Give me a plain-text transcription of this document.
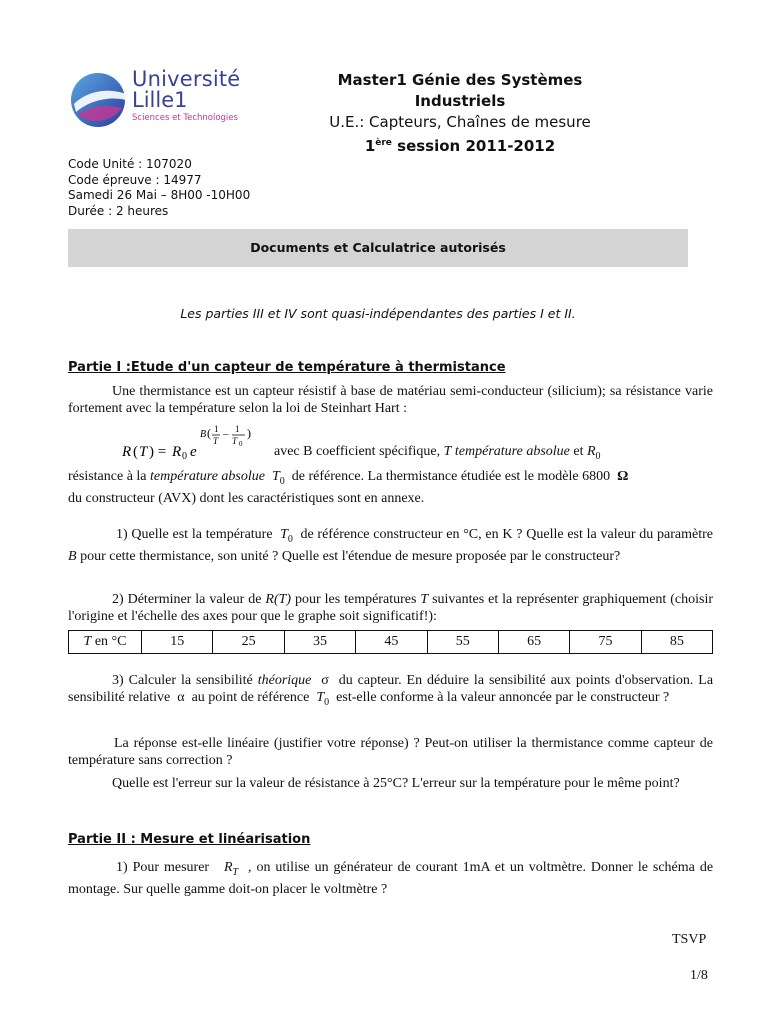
Université
Lille1
Sciences et Technologies
Master1 Génie des Systèmes Industriels
U.E.: Capteurs, Chaînes de mesure
1ère session 2011-2012
Code Unité : 107020
Code épreuve : 14977
Samedi 26 Mai – 8H00 -10H00
Durée : 2 heures
Documents et Calculatrice autorisés
Les parties III et IV sont quasi-indépendantes des parties I et II.
Partie I :Etude d'un capteur de température à thermistance
Une thermistance est un capteur résistif à base de matériau semi-conducteur (silicium); sa résistance varie fortement avec la température selon la loi de Steinhart Hart :
R ( T ) = R 0 e
B ( 1
T
– 1
T 0
)
avec B coefficient spécifique, T température absolue et $R_0$
résistance à la température absolue $T_0$ de référence. La thermistance étudiée est le modèle 6800 Ω
du constructeur (AVX) dont les caractéristiques sont en annexe.
1) Quelle est la température $T_0$ de référence constructeur en °C, en K ? Quelle est la valeur du paramètre B pour cette thermistance, son unité ? Quelle est l'étendue de mesure proposée par le constructeur?
2) Déterminer la valeur de R(T) pour les températures T suivantes et la représenter graphiquement (choisir l'origine et l'échelle des axes pour que le graphe soit significatif!):
T en °C	15	25	35	45	55	65	75	85
3) Calculer la sensibilité théorique σ du capteur. En déduire la sensibilité aux points d'observation. La sensibilité relative α au point de référence $T_0$ est-elle conforme à la valeur annoncée par le constructeur ?
La réponse est-elle linéaire (justifier votre réponse) ? Peut-on utiliser la thermistance comme capteur de température sans correction ?
Quelle est l'erreur sur la valeur de résistance à 25°C? L'erreur sur la température pour le même point?
Partie II : Mesure et linéarisation
1) Pour mesurer $R_T$ , on utilise un générateur de courant 1mA et un voltmètre. Donner le schéma de montage. Sur quelle gamme doit-on placer le voltmètre ?
TSVP
1/8
